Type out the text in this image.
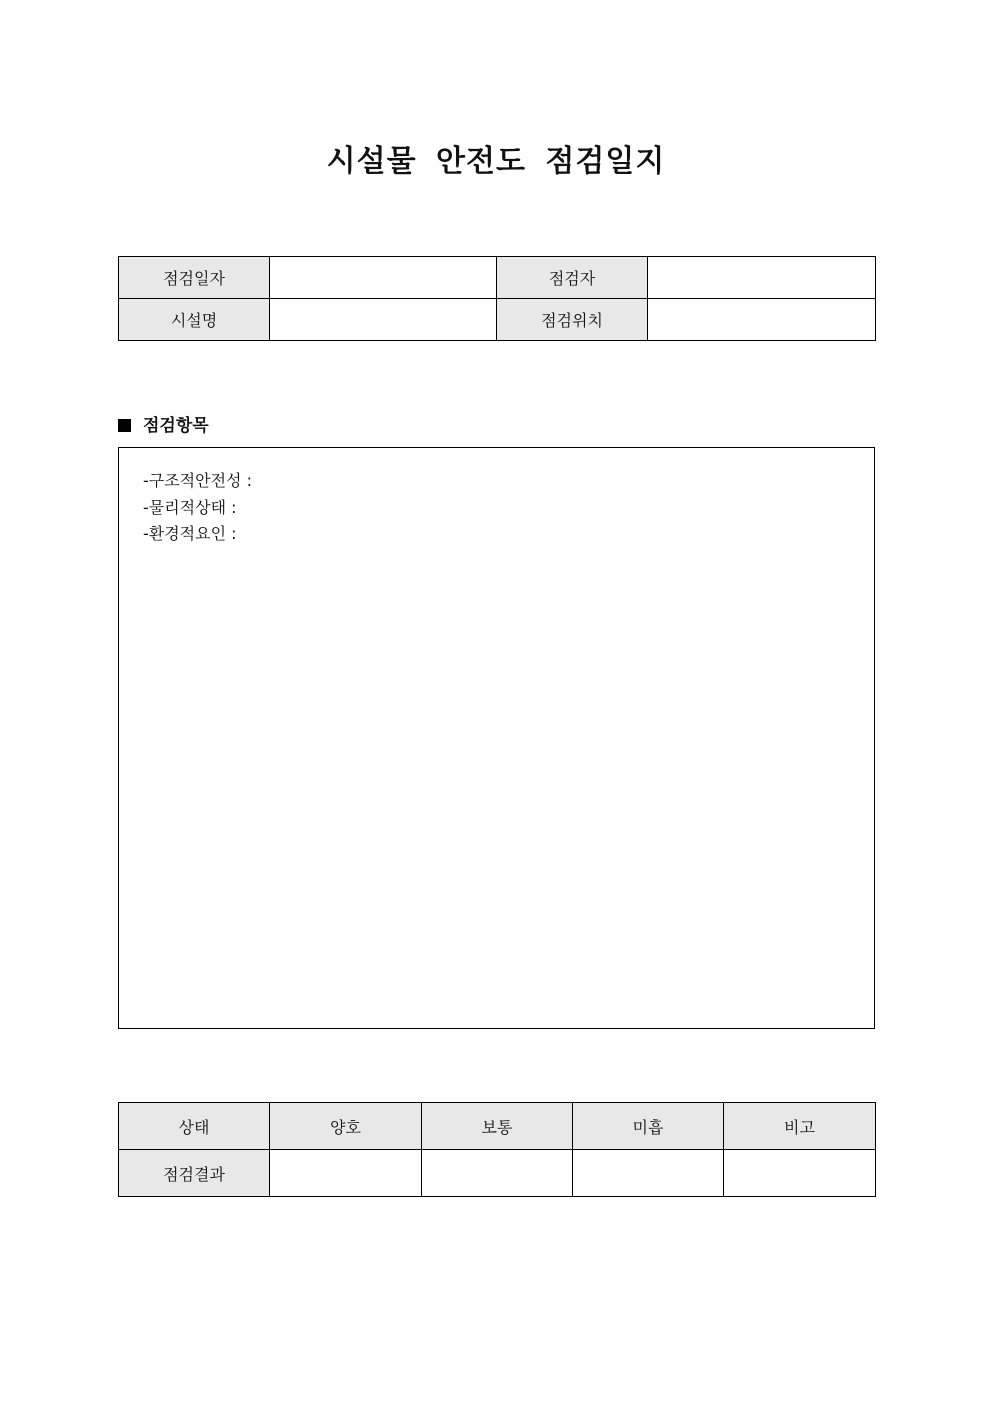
시설물 안전도 점검일지
점검일자		점검자	
시설명		점검위치	
점검항목
-구조적안전성 :
-물리적상태 :
-환경적요인 :
상태	양호	보통	미흡	비고
점검결과				
